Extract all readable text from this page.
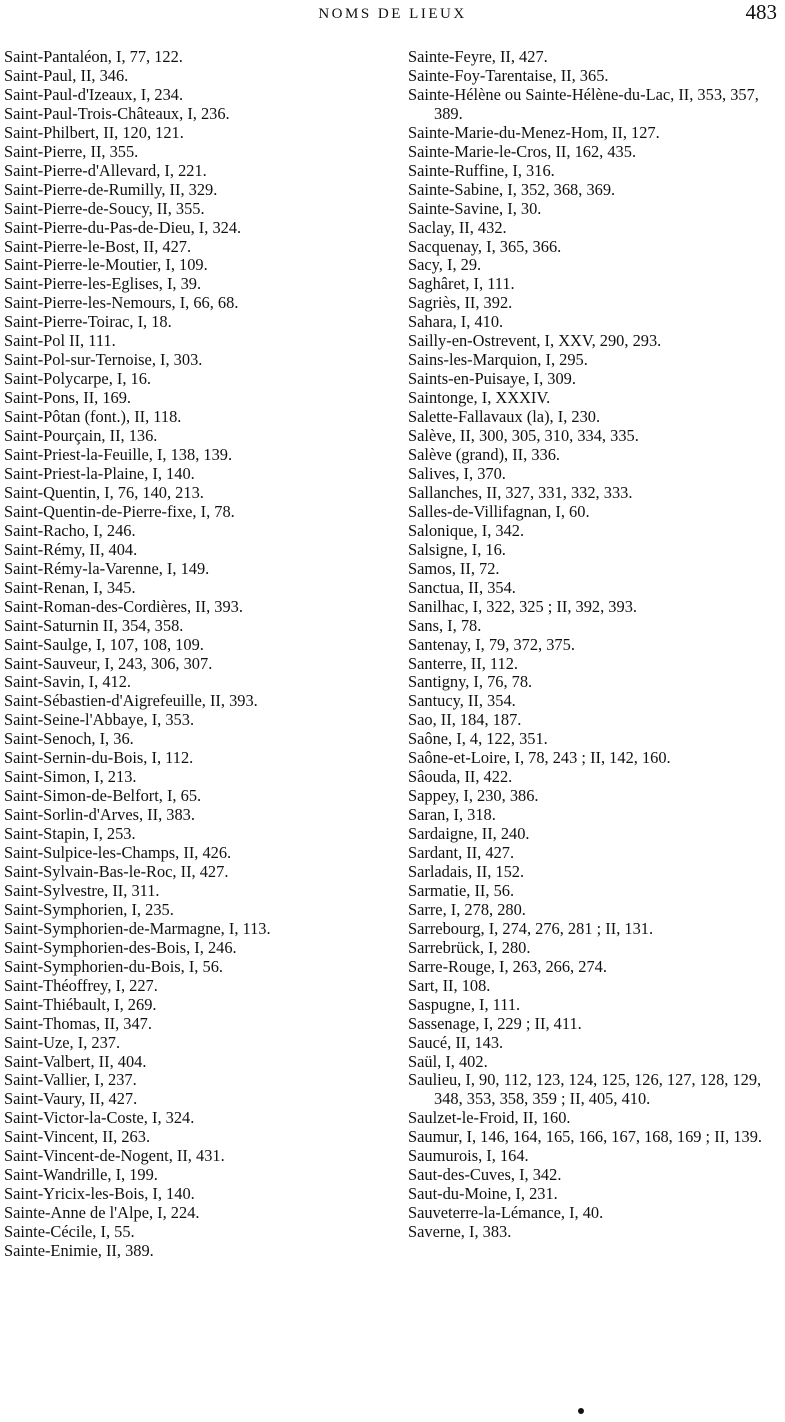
NOMS DE LIEUX	483
Saint-Pantaléon, I, 77, 122.
Saint-Paul, II, 346.
Saint-Paul-d'Izeaux, I, 234.
Saint-Paul-Trois-Châteaux, I, 236.
Saint-Philbert, II, 120, 121.
Saint-Pierre, II, 355.
Saint-Pierre-d'Allevard, I, 221.
Saint-Pierre-de-Rumilly, II, 329.
Saint-Pierre-de-Soucy, II, 355.
Saint-Pierre-du-Pas-de-Dieu, I, 324.
Saint-Pierre-le-Bost, II, 427.
Saint-Pierre-le-Moutier, I, 109.
Saint-Pierre-les-Eglises, I, 39.
Saint-Pierre-les-Nemours, I, 66, 68.
Saint-Pierre-Toirac, I, 18.
Saint-Pol II, 111.
Saint-Pol-sur-Ternoise, I, 303.
Saint-Polycarpe, I, 16.
Saint-Pons, II, 169.
Saint-Pôtan (font.), II, 118.
Saint-Pourçain, II, 136.
Saint-Priest-la-Feuille, I, 138, 139.
Saint-Priest-la-Plaine, I, 140.
Saint-Quentin, I, 76, 140, 213.
Saint-Quentin-de-Pierre-fixe, I, 78.
Saint-Racho, I, 246.
Saint-Rémy, II, 404.
Saint-Rémy-la-Varenne, I, 149.
Saint-Renan, I, 345.
Saint-Roman-des-Cordières, II, 393.
Saint-Saturnin II, 354, 358.
Saint-Saulge, I, 107, 108, 109.
Saint-Sauveur, I, 243, 306, 307.
Saint-Savin, I, 412.
Saint-Sébastien-d'Aigrefeuille, II, 393.
Saint-Seine-l'Abbaye, I, 353.
Saint-Senoch, I, 36.
Saint-Sernin-du-Bois, I, 112.
Saint-Simon, I, 213.
Saint-Simon-de-Belfort, I, 65.
Saint-Sorlin-d'Arves, II, 383.
Saint-Stapin, I, 253.
Saint-Sulpice-les-Champs, II, 426.
Saint-Sylvain-Bas-le-Roc, II, 427.
Saint-Sylvestre, II, 311.
Saint-Symphorien, I, 235.
Saint-Symphorien-de-Marmagne, I, 113.
Saint-Symphorien-des-Bois, I, 246.
Saint-Symphorien-du-Bois, I, 56.
Saint-Théoffrey, I, 227.
Saint-Thiébault, I, 269.
Saint-Thomas, II, 347.
Saint-Uze, I, 237.
Saint-Valbert, II, 404.
Saint-Vallier, I, 237.
Saint-Vaury, II, 427.
Saint-Victor-la-Coste, I, 324.
Saint-Vincent, II, 263.
Saint-Vincent-de-Nogent, II, 431.
Saint-Wandrille, I, 199.
Saint-Yricix-les-Bois, I, 140.
Sainte-Anne de l'Alpe, I, 224.
Sainte-Cécile, I, 55.
Sainte-Enimie, II, 389.
Sainte-Feyre, II, 427.
Sainte-Foy-Tarentaise, II, 365.
Sainte-Hélène ou Sainte-Hélène-du-Lac, II, 353, 357, 389.
Sainte-Marie-du-Menez-Hom, II, 127.
Sainte-Marie-le-Cros, II, 162, 435.
Sainte-Ruffine, I, 316.
Sainte-Sabine, I, 352, 368, 369.
Sainte-Savine, I, 30.
Saclay, II, 432.
Sacquenay, I, 365, 366.
Sacy, I, 29.
Saghâret, I, 111.
Sagriès, II, 392.
Sahara, I, 410.
Sailly-en-Ostrevent, I, XXV, 290, 293.
Sains-les-Marquion, I, 295.
Saints-en-Puisaye, I, 309.
Saintonge, I, XXXIV.
Salette-Fallavaux (la), I, 230.
Salève, II, 300, 305, 310, 334, 335.
Salève (grand), II, 336.
Salives, I, 370.
Sallanches, II, 327, 331, 332, 333.
Salles-de-Villifagnan, I, 60.
Salonique, I, 342.
Salsigne, I, 16.
Samos, II, 72.
Sanctua, II, 354.
Sanilhac, I, 322, 325 ; II, 392, 393.
Sans, I, 78.
Santenay, I, 79, 372, 375.
Santerre, II, 112.
Santigny, I, 76, 78.
Santucy, II, 354.
Sao, II, 184, 187.
Saône, I, 4, 122, 351.
Saône-et-Loire, I, 78, 243 ; II, 142, 160.
Sâouda, II, 422.
Sappey, I, 230, 386.
Saran, I, 318.
Sardaigne, II, 240.
Sardant, II, 427.
Sarladais, II, 152.
Sarmatie, II, 56.
Sarre, I, 278, 280.
Sarrebourg, I, 274, 276, 281 ; II, 131.
Sarrebrück, I, 280.
Sarre-Rouge, I, 263, 266, 274.
Sart, II, 108.
Saspugne, I, 111.
Sassenage, I, 229 ; II, 411.
Saucé, II, 143.
Saül, I, 402.
Saulieu, I, 90, 112, 123, 124, 125, 126, 127, 128, 129, 348, 353, 358, 359 ; II, 405, 410.
Saulzet-le-Froid, II, 160.
Saumur, I, 146, 164, 165, 166, 167, 168, 169 ; II, 139.
Saumurois, I, 164.
Saut-des-Cuves, I, 342.
Saut-du-Moine, I, 231.
Sauveterre-la-Lémance, I, 40.
Saverne, I, 383.
